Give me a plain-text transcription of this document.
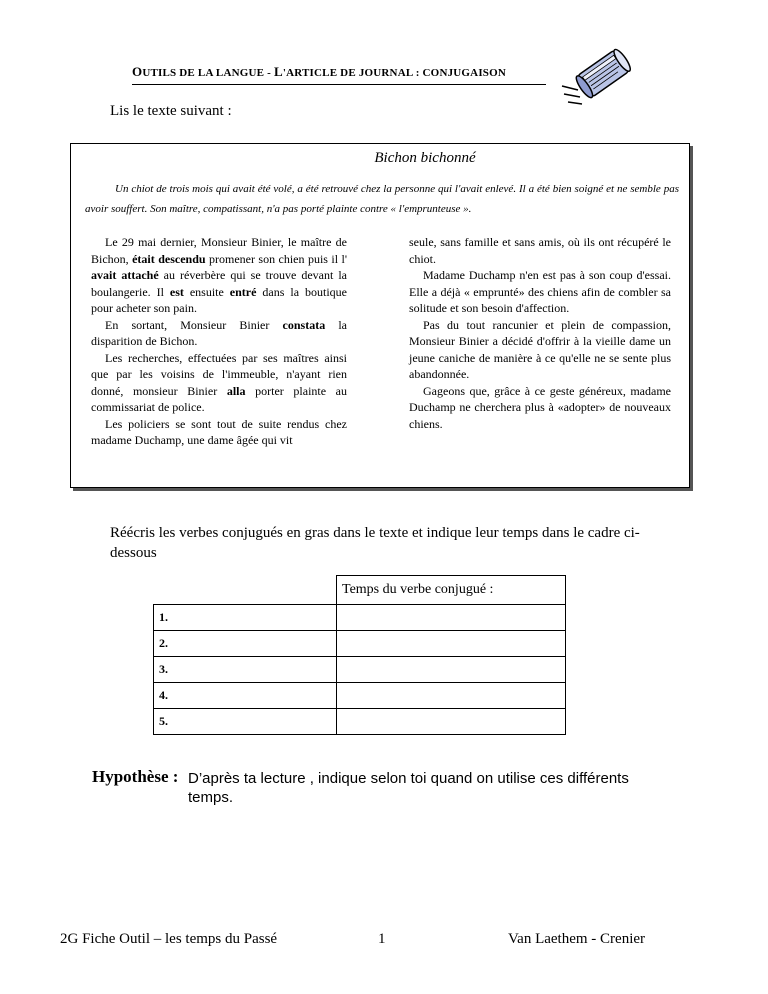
OUTILS DE LA LANGUE - L'ARTICLE DE JOURNAL : CONJUGAISON
Lis le texte suivant :
Bichon bichonné
Un chiot de trois mois qui avait été volé, a été retrouvé chez la personne qui l'avait enlevé. Il a été bien soigné et ne semble pas avoir souffert. Son maître, compatissant, n'a pas porté plainte contre « l'emprunteuse ».

Le 29 mai dernier, Monsieur Binier, le maître de Bichon, était descendu promener son chien puis il l' avait attaché au réverbère qui se trouve devant la boulangerie. Il est ensuite entré dans la boutique pour acheter son pain.

En sortant, Monsieur Binier constata la disparition de Bichon.

Les recherches, effectuées par ses maîtres ainsi que par les voisins de l'immeuble, n'ayant rien donné, monsieur Binier alla porter plainte au commissariat de police.

Les policiers se sont tout de suite rendus chez madame Duchamp, une dame âgée qui vit

seule, sans famille et sans amis, où ils ont récupéré le chiot.

Madame Duchamp n'en est pas à son coup d'essai. Elle a déjà « emprunté» des chiens afin de combler sa solitude et son besoin d'affection.

Pas du tout rancunier et plein de compassion, Monsieur Binier a décidé d'offrir à la vieille dame un jeune caniche de manière à ce qu'elle ne se sente plus abandonnée.

Gageons que, grâce à ce geste généreux, madame Duchamp ne cherchera plus à «adopter» de nouveaux chiens.

Réécris les verbes conjugués en gras dans le texte et indique leur temps dans le cadre ci-dessous
	Temps du verbe conjugué :
1.	
2.	
3.	
4.	
5.	
Hypothèse : D’après ta lecture , indique selon toi quand on utilise ces différents temps.
2G Fiche Outil – les temps du Passé	1	Van Laethem - Crenier
